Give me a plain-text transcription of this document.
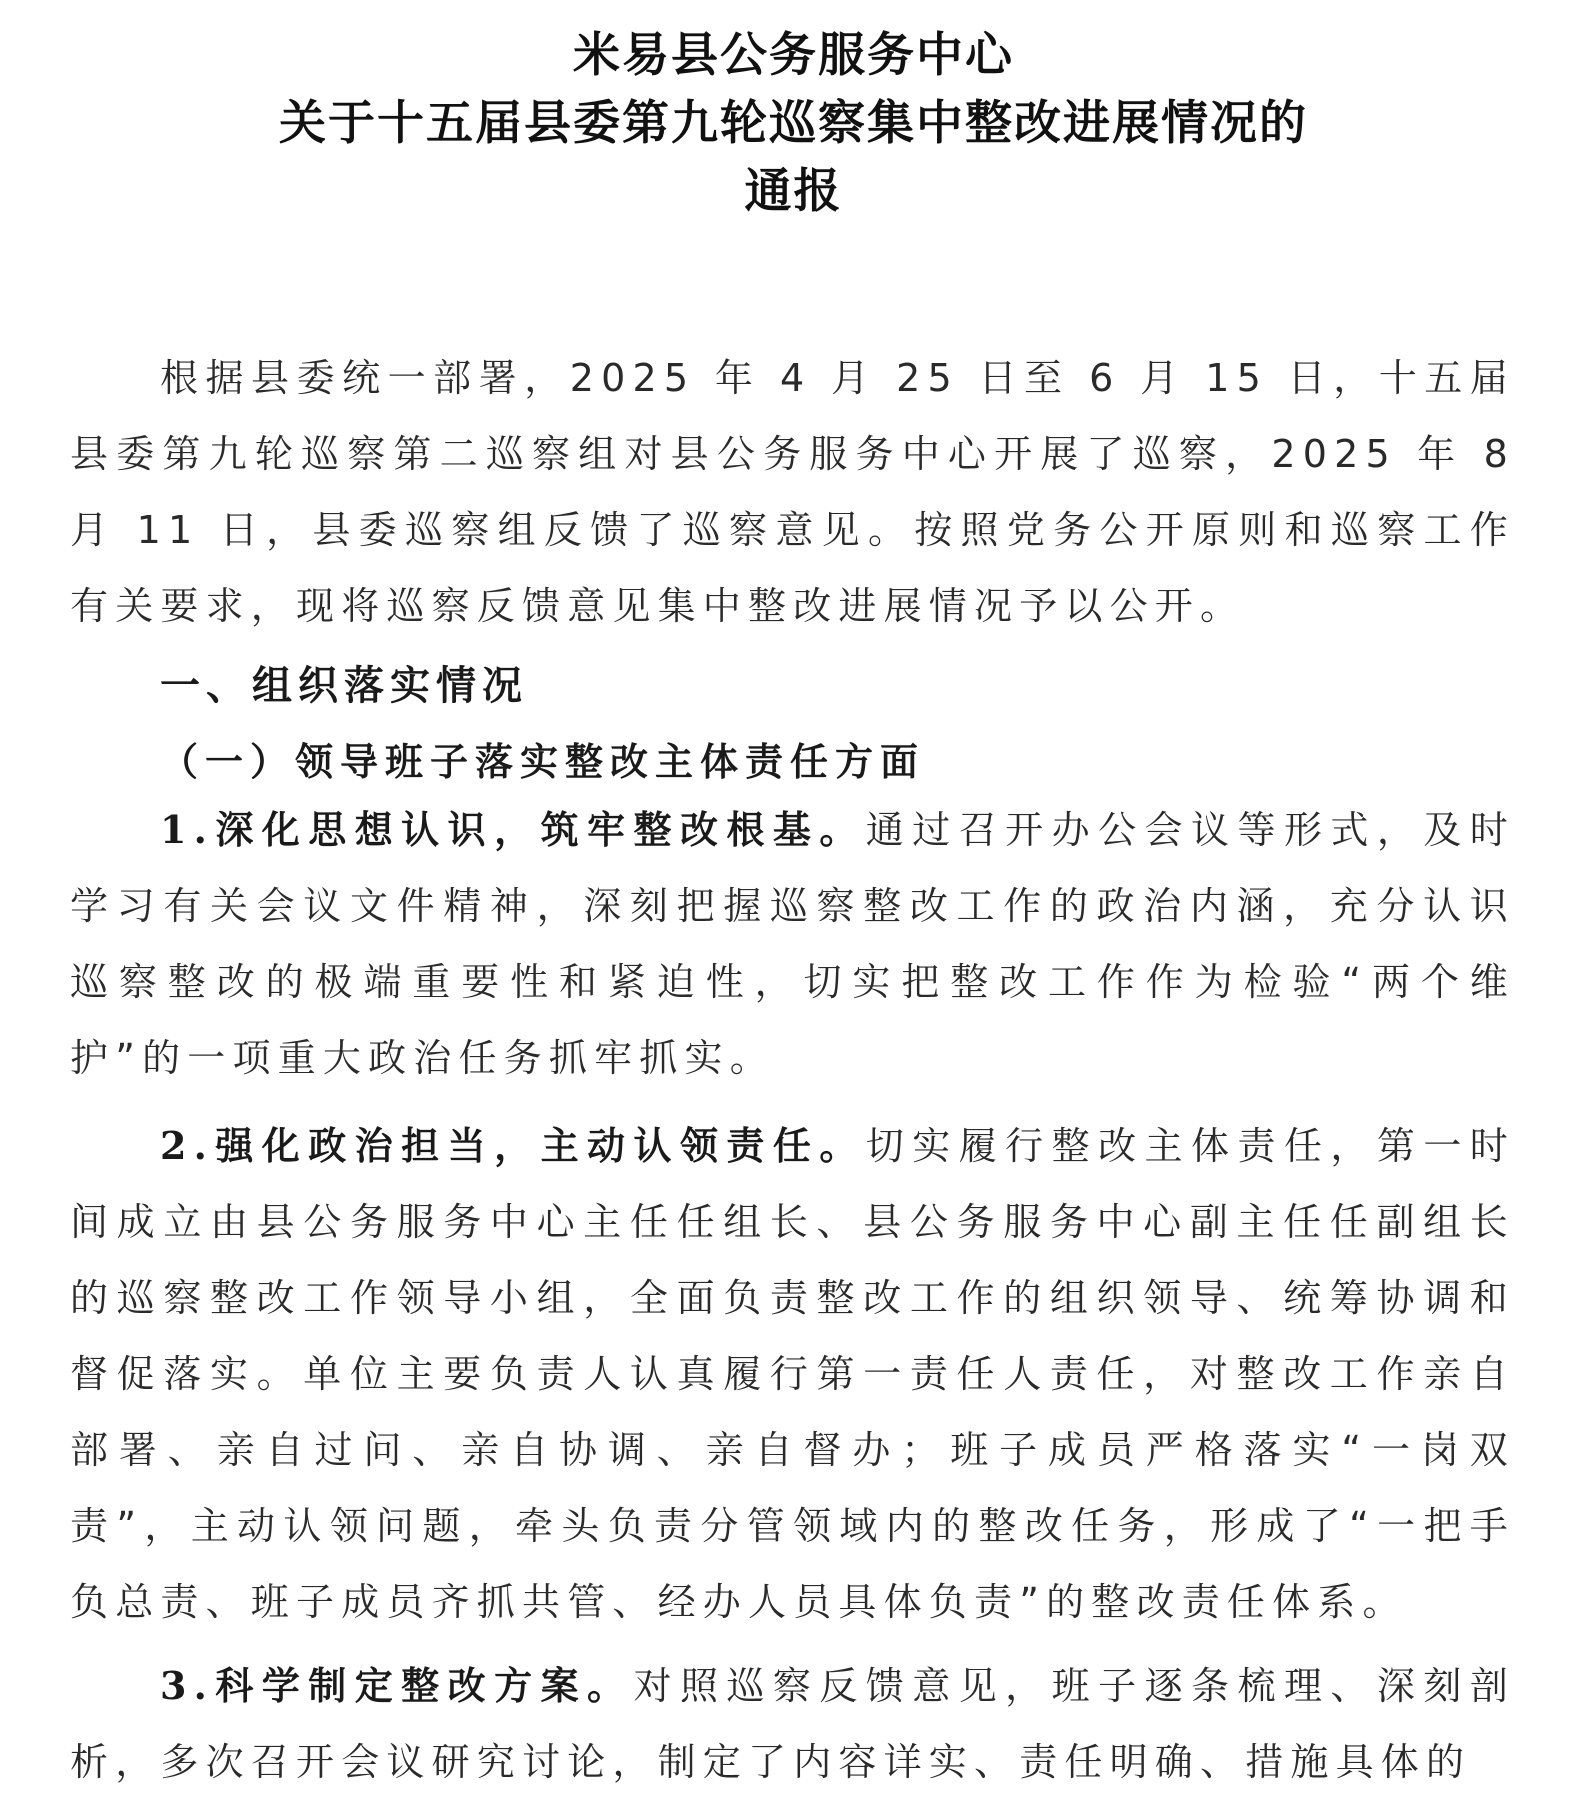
米易县公务服务中心
关于十五届县委第九轮巡察集中整改进展情况的
通报

根据县委统一部署，2025 年 4 月 25 日至 6 月 15 日，十五届县委第九轮巡察第二巡察组对县公务服务中心开展了巡察，2025 年 8 月 11 日，县委巡察组反馈了巡察意见。按照党务公开原则和巡察工作有关要求，现将巡察反馈意见集中整改进展情况予以公开。

一、组织落实情况
（一）领导班子落实整改主体责任方面

1.深化思想认识，筑牢整改根基。通过召开办公会议等形式，及时学习有关会议文件精神，深刻把握巡察整改工作的政治内涵，充分认识巡察整改的极端重要性和紧迫性，切实把整改工作作为检验“两个维护”的一项重大政治任务抓牢抓实。

2.强化政治担当，主动认领责任。切实履行整改主体责任，第一时间成立由县公务服务中心主任任组长、县公务服务中心副主任任副组长的巡察整改工作领导小组，全面负责整改工作的组织领导、统筹协调和督促落实。单位主要负责人认真履行第一责任人责任，对整改工作亲自部署、亲自过问、亲自协调、亲自督办；班子成员严格落实“一岗双责”，主动认领问题，牵头负责分管领域内的整改任务，形成了“一把手负总责、班子成员齐抓共管、经办人员具体负责”的整改责任体系。

3.科学制定整改方案。对照巡察反馈意见，班子逐条梳理、深刻剖析，多次召开会议研究讨论，制定了内容详实、责任明确、措施具体的
